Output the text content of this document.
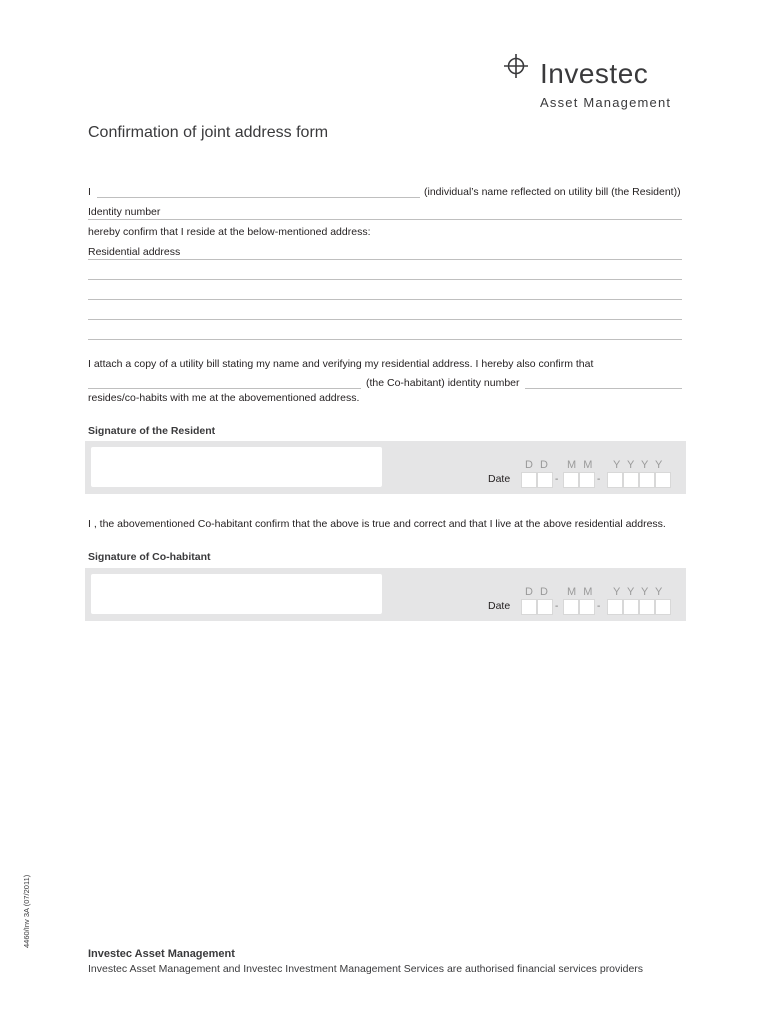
Investec
Asset Management
Confirmation of joint address form
I	(individual’s name reflected on utility bill (the Resident))
Identity number
hereby confirm that I reside at the below-mentioned address:
Residential address
I attach a copy of a utility bill stating my name and verifying my residential address. I hereby also confirm that
(the Co-habitant) identity number
resides/co-habits with me at the abovementioned address.
Signature of the Resident
D D M M Y Y Y Y
Date	-	-
I , the abovementioned Co-habitant confirm that the above is true and correct and that I live at the above residential address.
Signature of Co-habitant
D D M M Y Y Y Y
Date	-	-
4460/Inv 3A (07/2011)
Investec Asset Management
Investec Asset Management and Investec Investment Management Services are authorised financial services providers
